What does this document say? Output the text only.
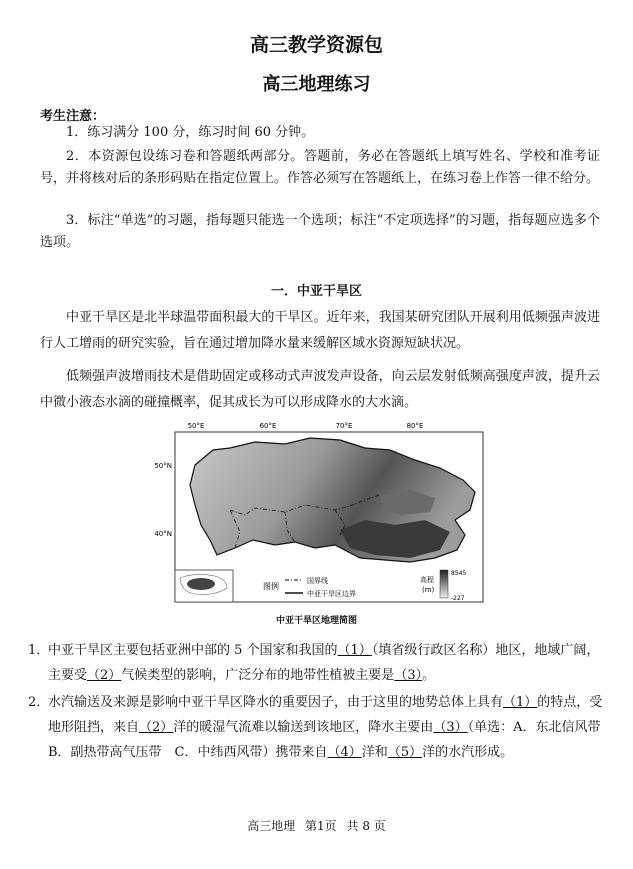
高三教学资源包
高三地理练习
考生注意：
1．练习满分 100 分，练习时间 60 分钟。
2．本资源包设练习卷和答题纸两部分。答题前，务必在答题纸上填写姓名、学校和准考证号，并将核对后的条形码贴在指定位置上。作答必须写在答题纸上，在练习卷上作答一律不给分。
3．标注“单选”的习题，指每题只能选一个选项；标注“不定项选择”的习题，指每题应选多个选项。
一．中亚干旱区
中亚干旱区是北半球温带面积最大的干旱区。近年来，我国某研究团队开展利用低频强声波进行人工增雨的研究实验，旨在通过增加降水量来缓解区域水资源短缺状况。
低频强声波增雨技术是借助固定或移动式声波发声设备，向云层发射低频高强度声波，提升云中微小液态水滴的碰撞概率，促其成长为可以形成降水的大水滴。
50°E	60°E	70°E	80°E
50°N
40°N
图例
国界线
中亚干旱区边界
高程
(m)
8545
-227
中亚干旱区地理简图
1．
中亚干旱区主要包括亚洲中部的 5 个国家和我国的（1）（填省级行政区名称）地区，地域广阔，主要受（2）气候类型的影响，广泛分布的地带性植被主要是（3）。
2．
水汽输送及来源是影响中亚干旱区降水的重要因子，由于这里的地势总体上具有（1）的特点，受地形阻挡，来自（2）洋的暖湿气流难以输送到该地区，降水主要由（3）（单选：A．东北信风带　B．副热带高气压带　C．中纬西风带）携带来自（4）洋和（5）洋的水汽形成。
高三地理 第1页 共 8 页
